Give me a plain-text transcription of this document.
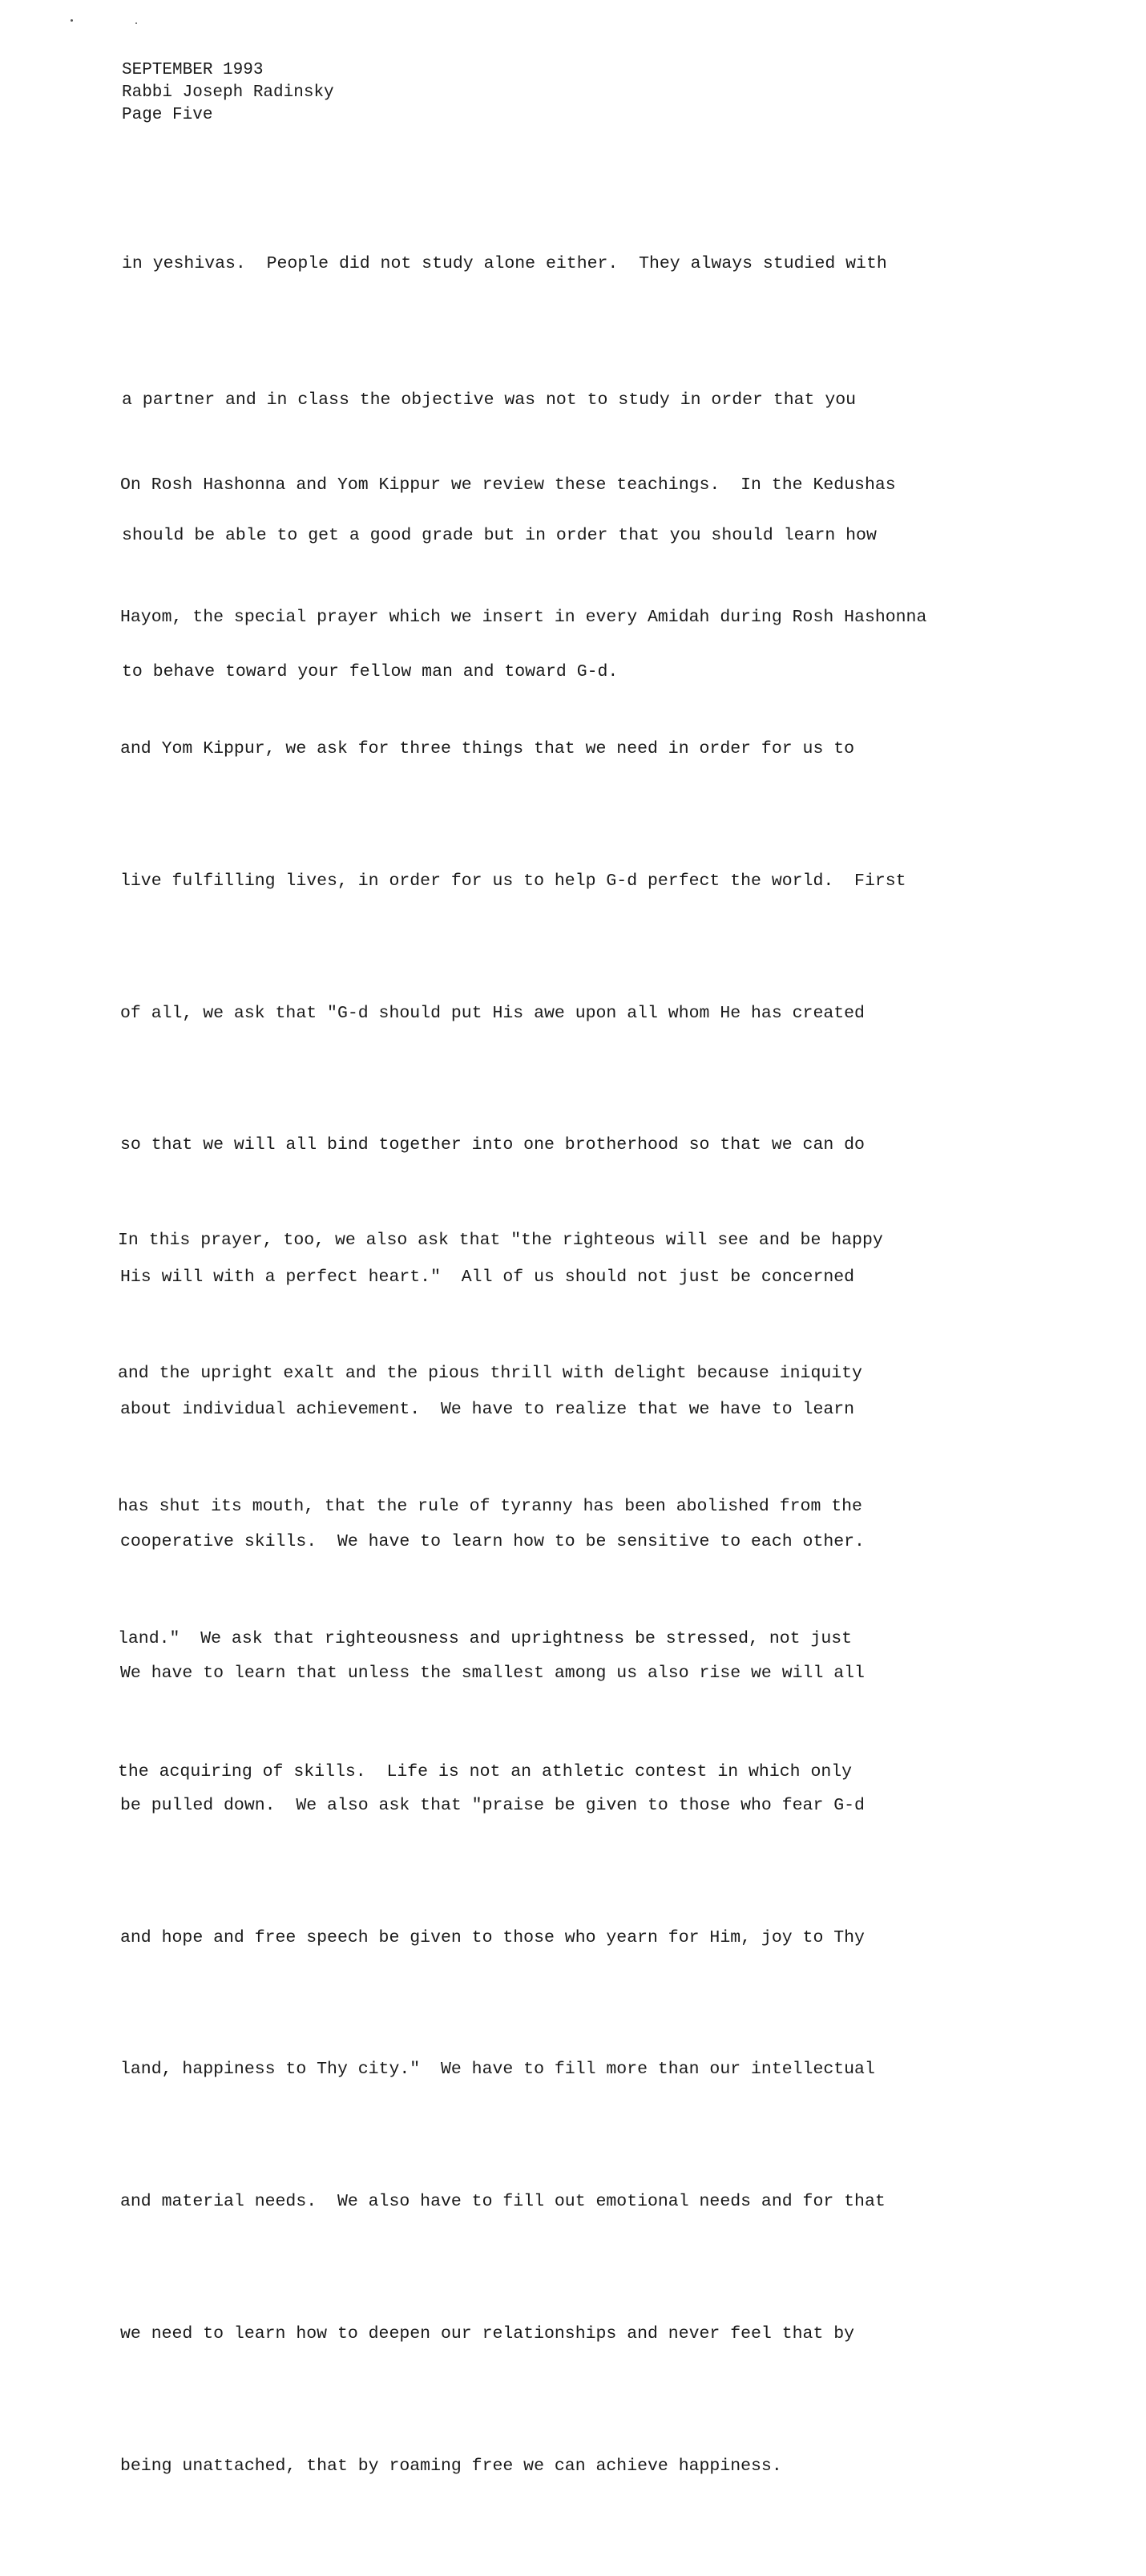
SEPTEMBER 1993
Rabbi Joseph Radinsky
Page Five

in yeshivas.  People did not study alone either.  They always studied with

a partner and in class the objective was not to study in order that you

should be able to get a good grade but in order that you should learn how

to behave toward your fellow man and toward G-d.

On Rosh Hashonna and Yom Kippur we review these teachings.  In the Kedushas

Hayom, the special prayer which we insert in every Amidah during Rosh Hashonna

and Yom Kippur, we ask for three things that we need in order for us to

live fulfilling lives, in order for us to help G-d perfect the world.  First

of all, we ask that "G-d should put His awe upon all whom He has created

so that we will all bind together into one brotherhood so that we can do

His will with a perfect heart."  All of us should not just be concerned

about individual achievement.  We have to realize that we have to learn

cooperative skills.  We have to learn how to be sensitive to each other.

We have to learn that unless the smallest among us also rise we will all

be pulled down.  We also ask that "praise be given to those who fear G-d

and hope and free speech be given to those who yearn for Him, joy to Thy

land, happiness to Thy city."  We have to fill more than our intellectual

and material needs.  We also have to fill out emotional needs and for that

we need to learn how to deepen our relationships and never feel that by

being unattached, that by roaming free we can achieve happiness.

In this prayer, too, we also ask that "the righteous will see and be happy

and the upright exalt and the pious thrill with delight because iniquity

has shut its mouth, that the rule of tyranny has been abolished from the

land."  We ask that righteousness and uprightness be stressed, not just

the acquiring of skills.  Life is not an athletic contest in which only
